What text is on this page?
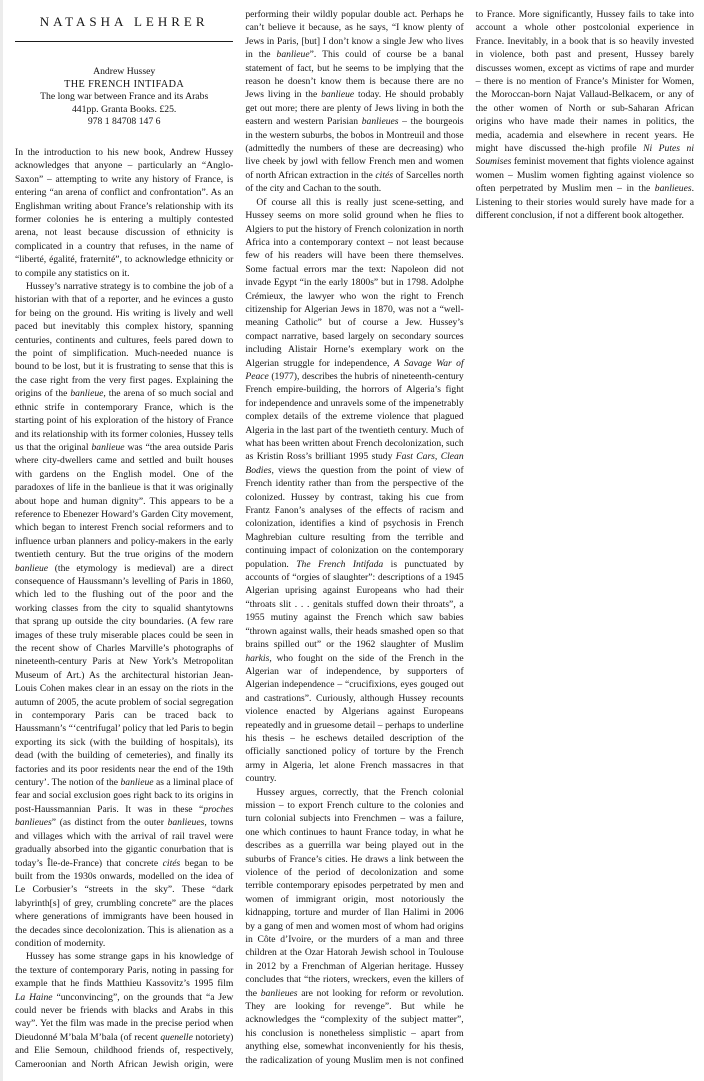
NATASHA LEHRER
Andrew Hussey
THE FRENCH INTIFADA
The long war between France and its Arabs
441pp. Granta Books. £25.
978 1 84708 147 6

In the introduction to his new book, Andrew Hussey acknowledges that anyone – particularly an “Anglo-Saxon” – attempting to write any history of France, is entering “an arena of conflict and confrontation”. As an Englishman writing about France’s relationship with its former colonies he is entering a multiply contested arena, not least because discussion of ethnicity is complicated in a country that refuses, in the name of “liberté, égalité, fraternité”, to acknowledge ethnicity or to compile any statistics on it.

Hussey’s narrative strategy is to combine the job of a historian with that of a reporter, and he evinces a gusto for being on the ground. His writing is lively and well paced but inevitably this complex history, spanning centuries, continents and cultures, feels pared down to the point of simplification. Much-needed nuance is bound to be lost, but it is frustrating to sense that this is the case right from the very first pages. Explaining the origins of the banlieue, the arena of so much social and ethnic strife in contemporary France, which is the starting point of his exploration of the history of France and its relationship with its former colonies, Hussey tells us that the original banlieue was “the area outside Paris where city-dwellers came and settled and built houses with gardens on the English model. One of the paradoxes of life in the banlieue is that it was originally about hope and human dignity”. This appears to be a reference to Ebenezer Howard’s Garden City movement, which began to interest French social reformers and to influence urban planners and policy-makers in the early twentieth century. But the true origins of the modern banlieue (the etymology is medieval) are a direct consequence of Haussmann’s levelling of Paris in 1860, which led to the flushing out of the poor and the working classes from the city to squalid shantytowns that sprang up outside the city boundaries. (A few rare images of these truly miserable places could be seen in the recent show of Charles Marville’s photographs of nineteenth-century Paris at New York’s Metropolitan Museum of Art.) As the architectural historian Jean-Louis Cohen makes clear in an essay on the riots in the autumn of 2005, the acute problem of social segregation in contemporary Paris can be traced back to Haussmann’s “‘centrifugal’ policy that led Paris to begin exporting its sick (with the building of hospitals), its dead (with the building of cemeteries), and finally its factories and its poor residents near the end of the 19th century’. The notion of the banlieue as a liminal place of fear and social exclusion goes right back to its origins in post-Haussmannian Paris. It was in these “proches banlieues” (as distinct from the outer banlieues, towns and villages which with the arrival of rail travel were gradually absorbed into the gigantic conurbation that is today’s Île-de-France) that concrete cités began to be built from the 1930s onwards, modelled on the idea of Le Corbusier’s “streets in the sky”. These “dark labyrinth[s] of grey, crumbling concrete” are the places where generations of immigrants have been housed in the decades since decolonization. This is alienation as a condition of modernity.

Hussey has some strange gaps in his knowledge of the texture of contemporary Paris, noting in passing for example that he finds Matthieu Kassovitz’s 1995 film La Haine “unconvincing”, on the grounds that “a Jew could never be friends with blacks and Arabs in this way”. Yet the film was made in the precise period when Dieudonné M’bala M’bala (of recent quenelle notoriety) and Elie Semoun, childhood friends of, respectively, Cameroonian and North African Jewish origin, were performing their wildly popular double act. Perhaps he can’t believe it because, as he says, “I know plenty of Jews in Paris, [but] I don’t know a single Jew who lives in the banlieue”. This could of course be a banal statement of fact, but he seems to be implying that the reason he doesn’t know them is because there are no Jews living in the banlieue today. He should probably get out more; there are plenty of Jews living in both the eastern and western Parisian banlieues – the bourgeois in the western suburbs, the bobos in Montreuil and those (admittedly the numbers of these are decreasing) who live cheek by jowl with fellow French men and women of north African extraction in the cités of Sarcelles north of the city and Cachan to the south.

Of course all this is really just scene-setting, and Hussey seems on more solid ground when he flies to Algiers to put the history of French colonization in north Africa into a contemporary context – not least because few of his readers will have been there themselves. Some factual errors mar the text: Napoleon did not invade Egypt “in the early 1800s” but in 1798. Adolphe Crémieux, the lawyer who won the right to French citizenship for Algerian Jews in 1870, was not a “well-meaning Catholic” but of course a Jew. Hussey’s compact narrative, based largely on secondary sources including Alistair Horne’s exemplary work on the Algerian struggle for independence, A Savage War of Peace (1977), describes the hubris of nineteenth-century French empire-building, the horrors of Algeria’s fight for independence and unravels some of the impenetrably complex details of the extreme violence that plagued Algeria in the last part of the twentieth century. Much of what has been written about French decolonization, such as Kristin Ross’s brilliant 1995 study Fast Cars, Clean Bodies, views the question from the point of view of French identity rather than from the perspective of the colonized. Hussey by contrast, taking his cue from Frantz Fanon’s analyses of the effects of racism and colonization, identifies a kind of psychosis in French Maghrebian culture resulting from the terrible and continuing impact of colonization on the contemporary population. The French Intifada is punctuated by accounts of “orgies of slaughter”: descriptions of a 1945 Algerian uprising against Europeans who had their “throats slit . . . genitals stuffed down their throats”, a 1955 mutiny against the French which saw babies “thrown against walls, their heads smashed open so that brains spilled out” or the 1962 slaughter of Muslim harkis, who fought on the side of the French in the Algerian war of independence, by supporters of Algerian independence – “crucifixions, eyes gouged out and castrations”. Curiously, although Hussey recounts violence enacted by Algerians against Europeans repeatedly and in gruesome detail – perhaps to underline his thesis – he eschews detailed description of the officially sanctioned policy of torture by the French army in Algeria, let alone French massacres in that country.

Hussey argues, correctly, that the French colonial mission – to export French culture to the colonies and turn colonial subjects into Frenchmen – was a failure, one which continues to haunt France today, in what he describes as a guerrilla war being played out in the suburbs of France’s cities. He draws a link between the violence of the period of decolonization and some terrible contemporary episodes perpetrated by men and women of immigrant origin, most notoriously the kidnapping, torture and murder of Ilan Halimi in 2006 by a gang of men and women most of whom had origins in Côte d’Ivoire, or the murders of a man and three children at the Ozar Hatorah Jewish school in Toulouse in 2012 by a Frenchman of Algerian heritage. Hussey concludes that “the rioters, wreckers, even the killers of the banlieues are not looking for reform or revolution. They are looking for revenge”. But while he acknowledges the “complexity of the subject matter”, his conclusion is nonetheless simplistic – apart from anything else, somewhat inconveniently for his thesis, the radicalization of young Muslim men is not confined to France. More significantly, Hussey fails to take into account a whole other postcolonial experience in France. Inevitably, in a book that is so heavily invested in violence, both past and present, Hussey barely discusses women, except as victims of rape and murder – there is no mention of France’s Minister for Women, the Moroccan-born Najat Vallaud-Belkacem, or any of the other women of North or sub-Saharan African origins who have made their names in politics, the media, academia and elsewhere in recent years. He might have discussed the-high profile Ni Putes ni Soumises feminist movement that fights violence against women – Muslim women fighting against violence so often perpetrated by Muslim men – in the banlieues. Listening to their stories would surely have made for a different conclusion, if not a different book altogether.
